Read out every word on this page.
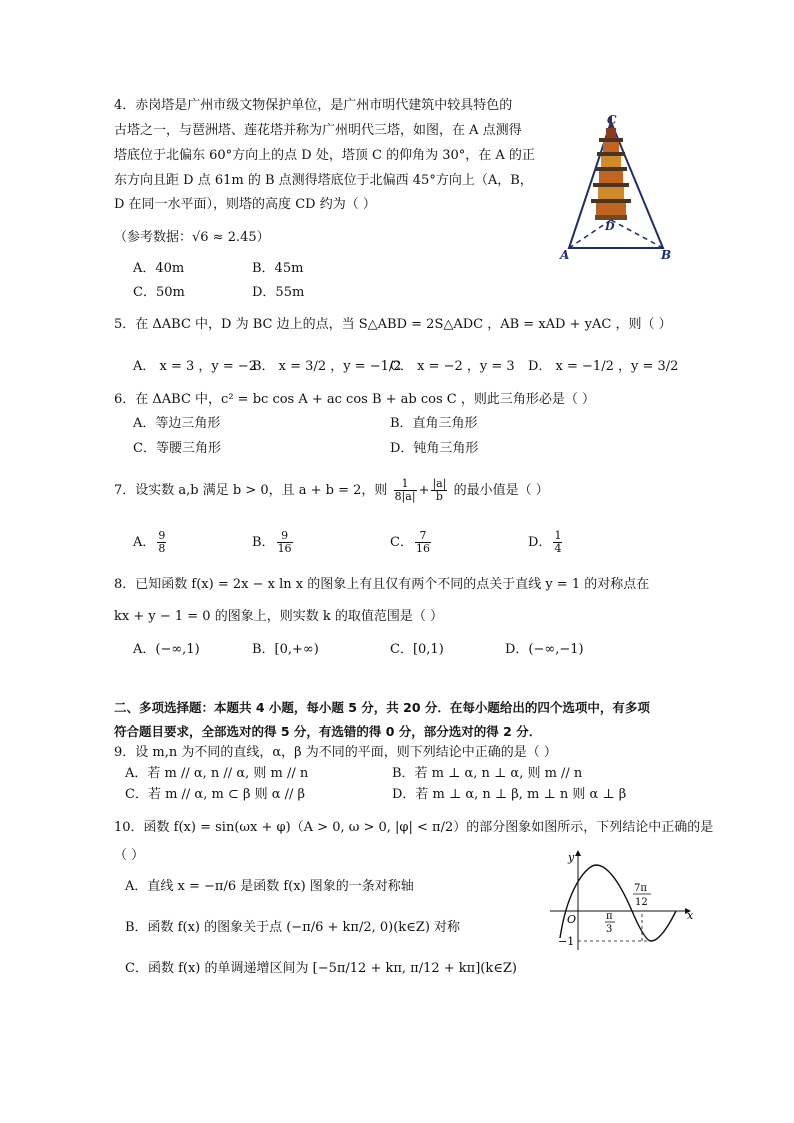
4．赤岗塔是广州市级文物保护单位，是广州市明代建筑中较具特色的
古塔之一，与琶洲塔、莲花塔并称为广州明代三塔，如图，在 A 点测得
塔底位于北偏东 60°方向上的点 D 处，塔顶 C 的仰角为 30°，在 A 的正
东方向且距 D 点 61m 的 B 点测得塔底位于北偏西 45°方向上（A，B，
D 在同一水平面），则塔的高度 CD 约为（ ）
（参考数据：√6 ≈ 2.45）
A．40m	B．45m
C．50m	D．55m
C
D
A	B
5．在 ΔABC 中，D 为 BC 边上的点，当 S△ABD = 2S△ADC ，AB = xAD + yAC ，则（ ）
A． x = 3 ，y = −2
B． x = 3/2 ，y = −1/2
C． x = −2 ，y = 3 D． x = −1/2 ，y = 3/2
6．在 ΔABC 中，c² = bc cos A + ac cos B + ab cos C ，则此三角形必是（ ）
A．等边三角形	B．直角三角形
C．等腰三角形	D．钝角三角形
7．设实数 a,b 满足 b > 0，且 a + b = 2，则 $\frac{1}{8|a|} + \frac{|a|}{b}$ 的最小值是（ ）
A． $\frac{9}{8}$	B． $\frac{9}{16}$	C． $\frac{7}{16}$	D． $\frac{1}{4}$
8．已知函数 f(x) = 2x − x ln x 的图象上有且仅有两个不同的点关于直线 y = 1 的对称点在
kx + y − 1 = 0 的图象上，则实数 k 的取值范围是（ ）
A．(−∞,1)	B．[0,+∞)	C．[0,1)	D．(−∞,−1)
二、多项选择题：本题共 4 小题，每小题 5 分，共 20 分．在每小题给出的四个选项中，有多项
符合题目要求，全部选对的得 5 分，有选错的得 0 分，部分选对的得 2 分．
9．设 m,n 为不同的直线，α，β 为不同的平面，则下列结论中正确的是（ ）
A．若 m // α, n // α, 则 m // n	B．若 m ⊥ α, n ⊥ α, 则 m // n
C．若 m // α, m ⊂ β 则 α // β	D．若 m ⊥ α, n ⊥ β, m ⊥ n 则 α ⊥ β
10．函数 f(x) = sin(ωx + φ)（A > 0, ω > 0, |φ| < π/2）的部分图象如图所示，下列结论中正确的是
（ ）
A．直线 x = −π/6 是函数 f(x) 图象的一条对称轴
B．函数 f(x) 的图象关于点 (−π/6 + kπ/2, 0)(k∈Z) 对称
C．函数 f(x) 的单调递增区间为 [−5π/12 + kπ, π/12 + kπ](k∈Z)
y
x
O
−1
π
3
7π
12
